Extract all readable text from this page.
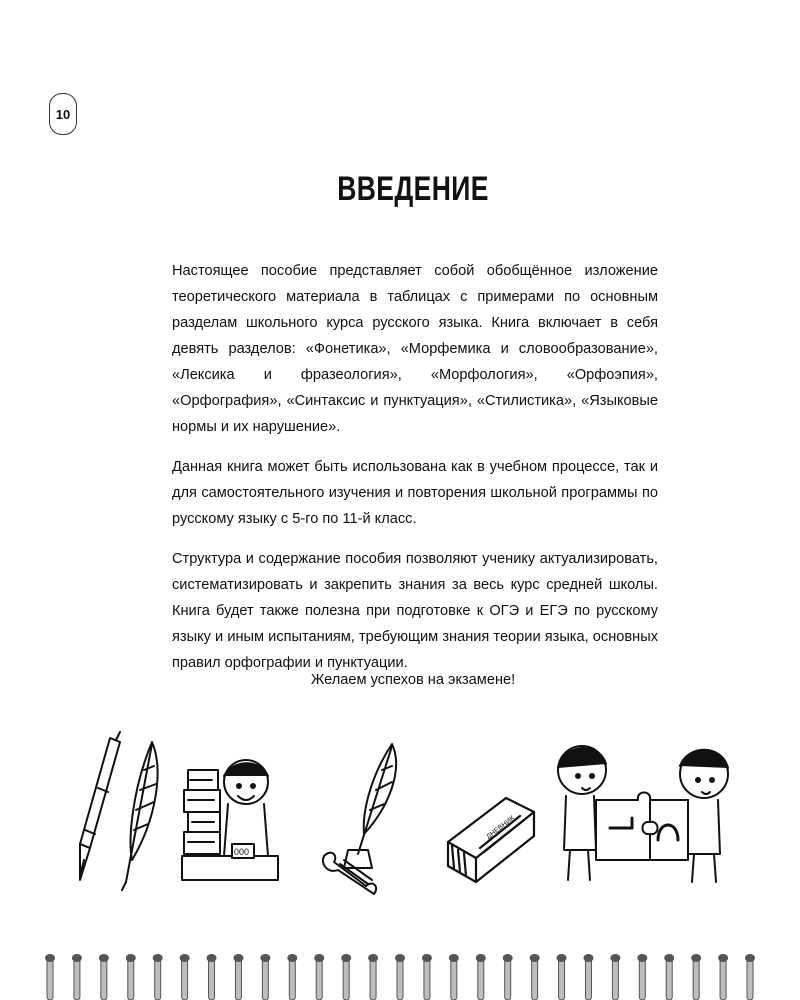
10
ВВЕДЕНИЕ

Настоящее пособие представляет собой обобщённое изложение теоретического материала в таблицах с примерами по основным разделам школьного курса русского языка. Книга включает в себя девять разделов: «Фонетика», «Морфемика и словообразование», «Лексика и фразеология», «Морфология», «Орфоэпия», «Орфография», «Синтаксис и пунктуация», «Стилистика», «Языковые нормы и их нарушение».

Данная книга может быть использована как в учебном процессе, так и для самостоятельного изучения и повторения школьной программы по русскому языку с 5-го по 11-й класс.

Структура и содержание пособия позволяют ученику актуализировать, систематизировать и закрепить знания за весь курс средней школы. Книга будет также полезна при подготовке к ОГЭ и ЕГЭ по русскому языку и иным испытаниям, требующим знания теории языка, основных правил орфографии и пунктуации.

Желаем успехов на экзамене!
000
ДНЕВНИК
